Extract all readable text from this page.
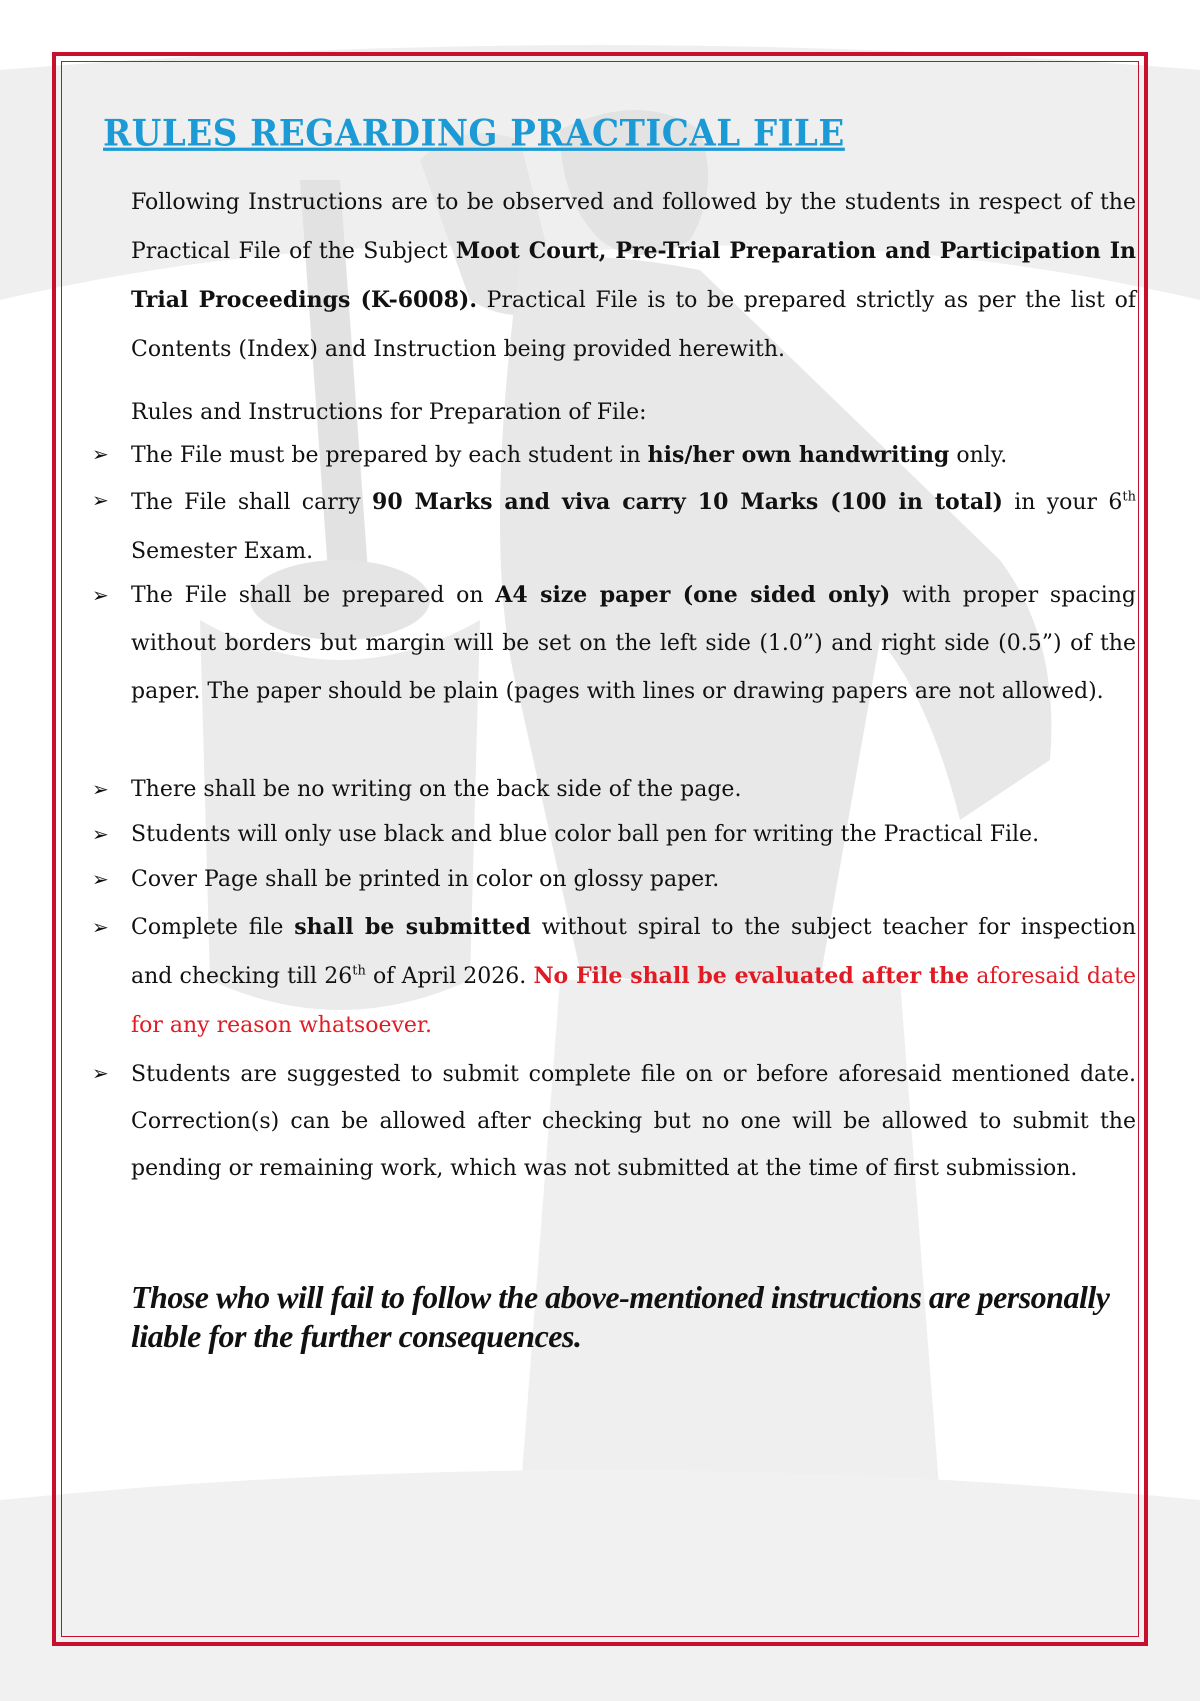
RULES REGARDING PRACTICAL FILE
Following Instructions are to be observed and followed by the students in respect of the Practical File of the Subject Moot Court, Pre-Trial Preparation and Participation In Trial Proceedings (K-6008). Practical File is to be prepared strictly as per the list of Contents (Index) and Instruction being provided herewith.
Rules and Instructions for Preparation of File:
➢	The File must be prepared by each student in his/her own handwriting only.
➢	The File shall carry 90 Marks and viva carry 10 Marks (100 in total) in your 6th Semester Exam.
➢	The File shall be prepared on A4 size paper (one sided only) with proper spacing without borders but margin will be set on the left side (1.0”) and right side (0.5”) of the paper. The paper should be plain (pages with lines or drawing papers are not allowed).
➢	There shall be no writing on the back side of the page.
➢	Students will only use black and blue color ball pen for writing the Practical File.
➢	Cover Page shall be printed in color on glossy paper.
➢	Complete file shall be submitted without spiral to the subject teacher for inspection and checking till 26th of April 2026. No File shall be evaluated after the aforesaid date for any reason whatsoever.
➢	Students are suggested to submit complete file on or before aforesaid mentioned date. Correction(s) can be allowed after checking but no one will be allowed to submit the pending or remaining work, which was not submitted at the time of first submission.
Those who will fail to follow the above-mentioned instructions are personally liable for the further consequences.
